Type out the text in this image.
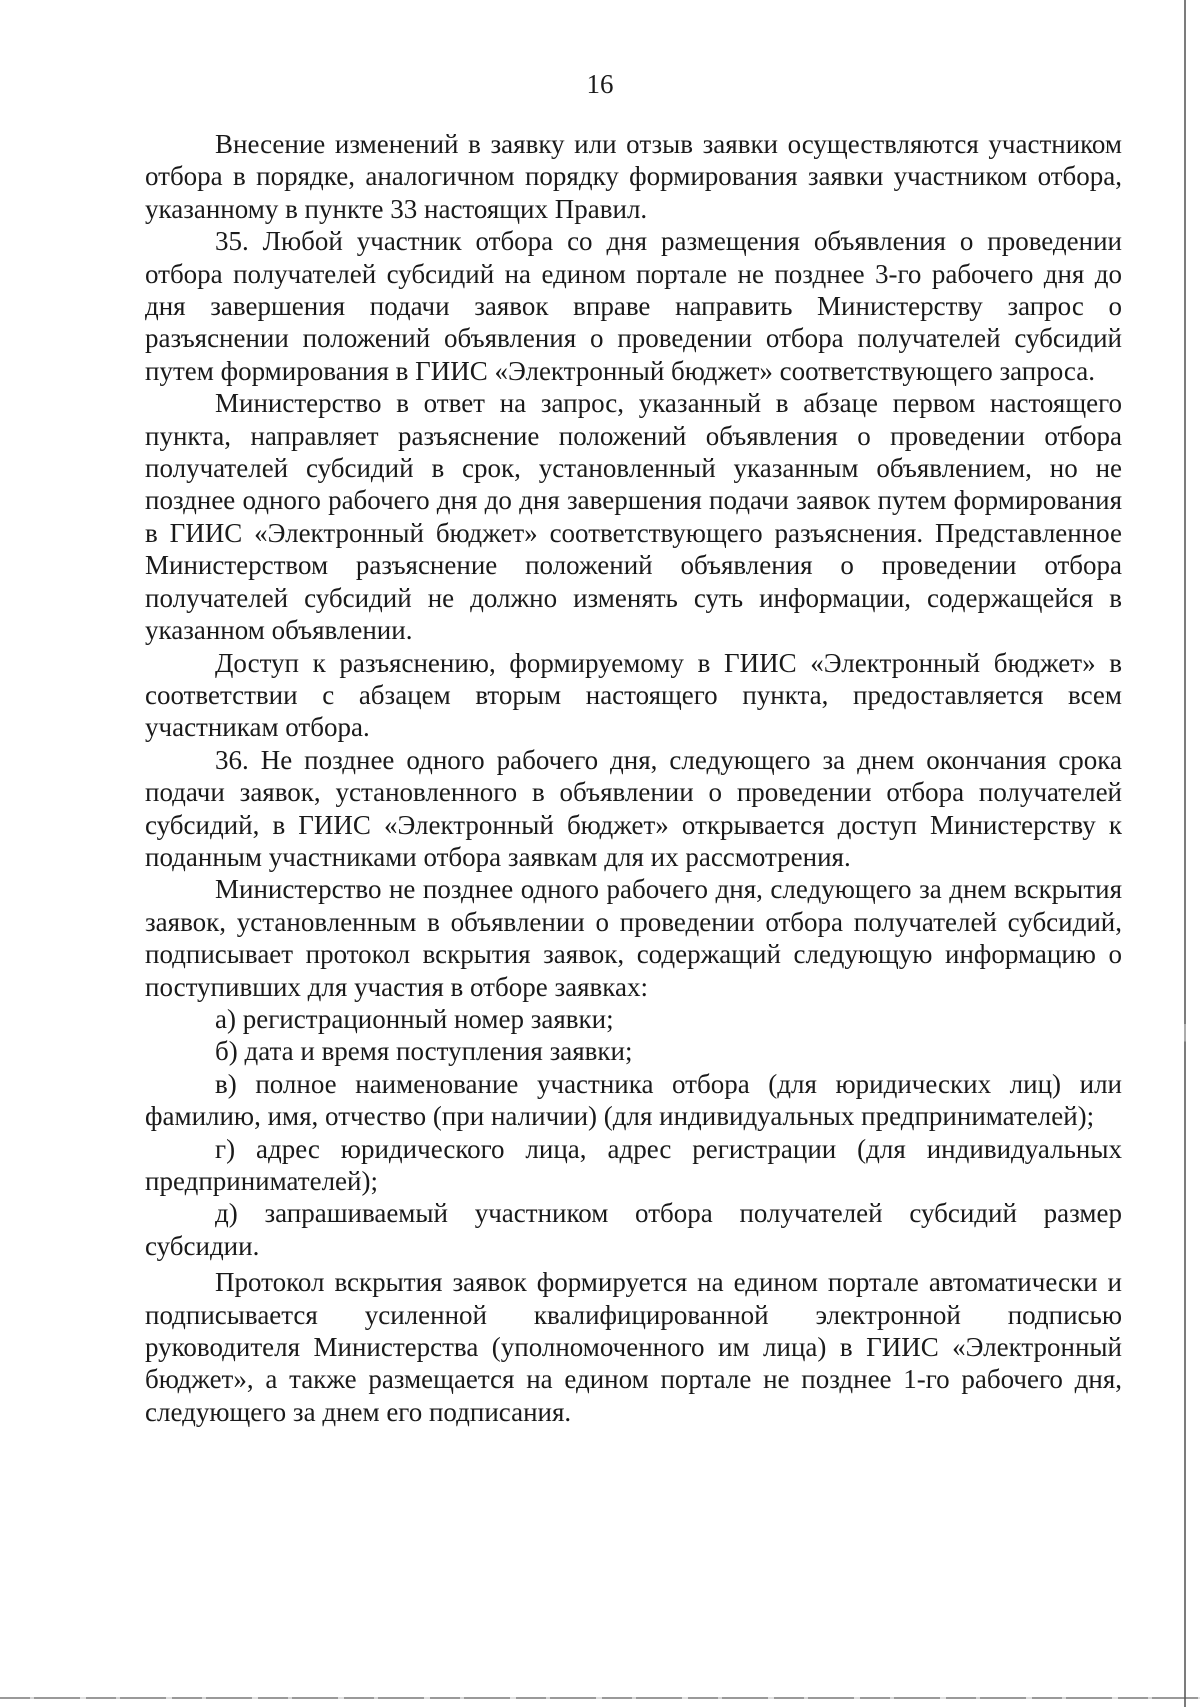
16

Внесение изменений в заявку или отзыв заявки осуществляются участником отбора в порядке, аналогичном порядку формирования заявки участником отбора, указанному в пункте 33 настоящих Правил.

35. Любой участник отбора со дня размещения объявления о проведении отбора получателей субсидий на едином портале не позднее 3-го рабочего дня до дня завершения подачи заявок вправе направить Министерству запрос о разъяснении положений объявления о проведении отбора получателей субсидий путем формирования в ГИИС «Электронный бюджет» соответствующего запроса.

Министерство в ответ на запрос, указанный в абзаце первом настоящего пункта, направляет разъяснение положений объявления о проведении отбора получателей субсидий в срок, установленный указанным объявлением, но не позднее одного рабочего дня до дня завершения подачи заявок путем формирования в ГИИС «Электронный бюджет» соответствующего разъяснения. Представленное Министерством разъяснение положений объявления о проведении отбора получателей субсидий не должно изменять суть информации, содержащейся в указанном объявлении.

Доступ к разъяснению, формируемому в ГИИС «Электронный бюджет» в соответствии с абзацем вторым настоящего пункта, предоставляется всем участникам отбора.

36. Не позднее одного рабочего дня, следующего за днем окончания срока подачи заявок, установленного в объявлении о проведении отбора получателей субсидий, в ГИИС «Электронный бюджет» открывается доступ Министерству к поданным участниками отбора заявкам для их рассмотрения.

Министерство не позднее одного рабочего дня, следующего за днем вскрытия заявок, установленным в объявлении о проведении отбора получателей субсидий, подписывает протокол вскрытия заявок, содержащий следующую информацию о поступивших для участия в отборе заявках:

а) регистрационный номер заявки;

б) дата и время поступления заявки;

в) полное наименование участника отбора (для юридических лиц) или фамилию, имя, отчество (при наличии) (для индивидуальных предпринимателей);

г) адрес юридического лица, адрес регистрации (для индивидуальных предпринимателей);

д) запрашиваемый участником отбора получателей субсидий размер субсидии.

Протокол вскрытия заявок формируется на едином портале автоматически и подписывается усиленной квалифицированной электронной подписью руководителя Министерства (уполномоченного им лица) в ГИИС «Электронный бюджет», а также размещается на едином портале не позднее 1-го рабочего дня, следующего за днем его подписания.
